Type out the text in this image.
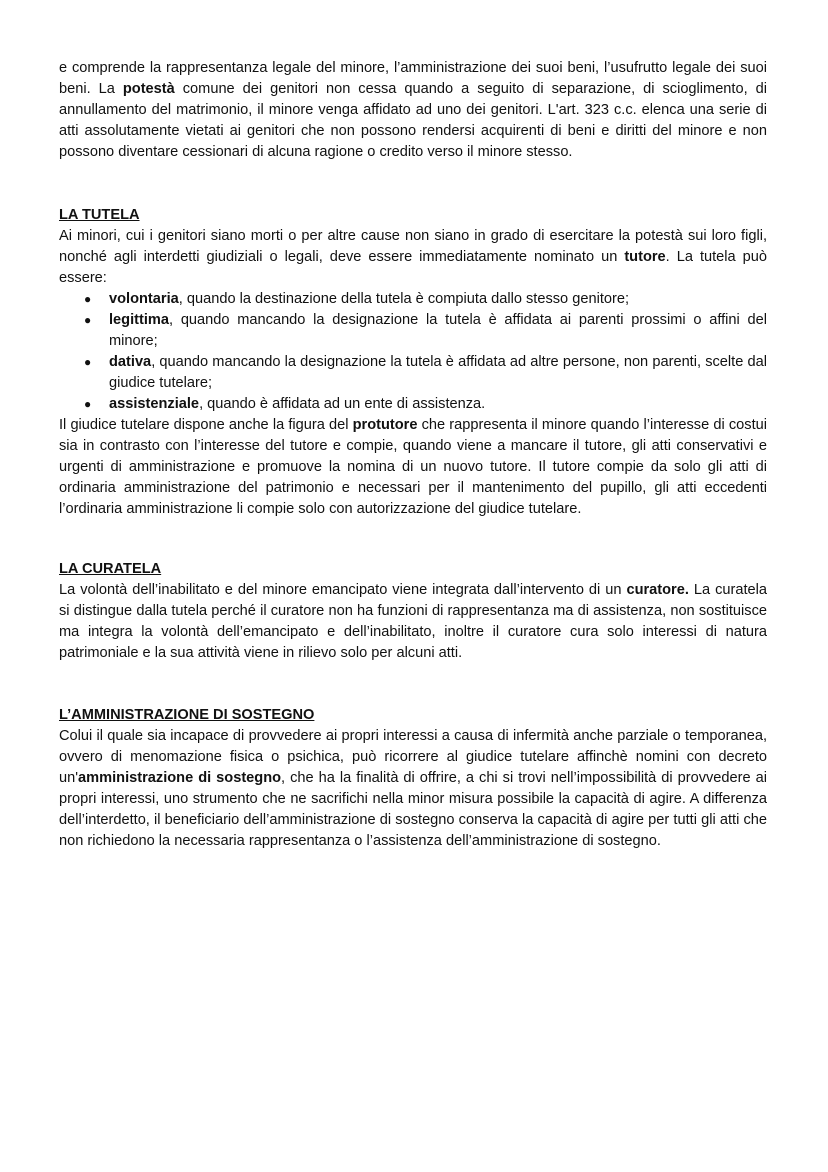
e comprende la rappresentanza legale del minore, l’amministrazione dei suoi beni, l’usufrutto legale dei suoi beni. La potestà comune dei genitori non cessa quando a seguito di separazione, di scioglimento, di annullamento del matrimonio, il minore venga affidato ad uno dei genitori. L'art. 323 c.c. elenca una serie di atti assolutamente vietati ai genitori che non possono rendersi acquirenti di beni e diritti del minore e non possono diventare cessionari di alcuna ragione o credito verso il minore stesso.

LA TUTELA

Ai minori, cui i genitori siano morti o per altre cause non siano in grado di esercitare la potestà sui loro figli, nonché agli interdetti giudiziali o legali, deve essere immediatamente nominato un tutore. La tutela può essere:

● volontaria, quando la destinazione della tutela è compiuta dallo stesso genitore;
● legittima, quando mancando la designazione la tutela è affidata ai parenti prossimi o affini del minore;
● dativa, quando mancando la designazione la tutela è affidata ad altre persone, non parenti, scelte dal giudice tutelare;
● assistenziale, quando è affidata ad un ente di assistenza.

Il giudice tutelare dispone anche la figura del protutore che rappresenta il minore quando l’interesse di costui sia in contrasto con l’interesse del tutore e compie, quando viene a mancare il tutore, gli atti conservativi e urgenti di amministrazione e promuove la nomina di un nuovo tutore. Il tutore compie da solo gli atti di ordinaria amministrazione del patrimonio e necessari per il mantenimento del pupillo, gli atti eccedenti l’ordinaria amministrazione li compie solo con autorizzazione del giudice tutelare.

LA CURATELA

La volontà dell’inabilitato e del minore emancipato viene integrata dall’intervento di un curatore. La curatela si distingue dalla tutela perché il curatore non ha funzioni di rappresentanza ma di assistenza, non sostituisce ma integra la volontà dell’emancipato e dell’inabilitato, inoltre il curatore cura solo interessi di natura patrimoniale e la sua attività viene in rilievo solo per alcuni atti.

L’AMMINISTRAZIONE DI SOSTEGNO

Colui il quale sia incapace di provvedere ai propri interessi a causa di infermità anche parziale o temporanea, ovvero di menomazione fisica o psichica, può ricorrere al giudice tutelare affinchè nomini con decreto un'amministrazione di sostegno, che ha la finalità di offrire, a chi si trovi nell’impossibilità di provvedere ai propri interessi, uno strumento che ne sacrifichi nella minor misura possibile la capacità di agire. A differenza dell’interdetto, il beneficiario dell’amministrazione di sostegno conserva la capacità di agire per tutti gli atti che non richiedono la necessaria rappresentanza o l’assistenza dell’amministrazione di sostegno.
